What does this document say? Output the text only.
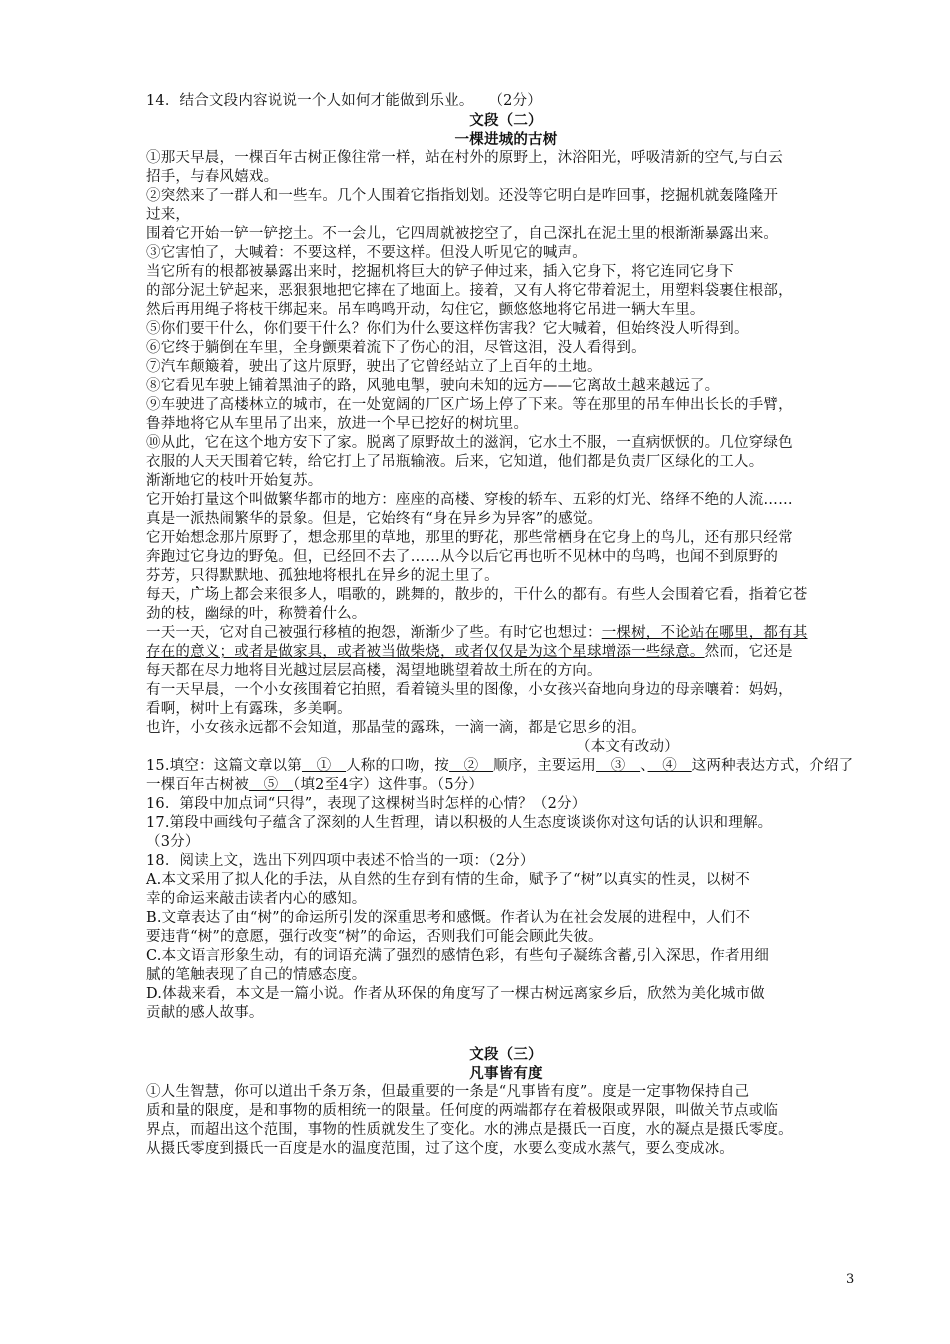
14．结合文段内容说说一个人如何才能做到乐业。　　（2分）
文段（二）
一棵进城的古树
①那天早晨，一棵百年古树正像往常一样，站在村外的原野上，沐浴阳光，呼吸清新的空气,与白云
招手，与春风嬉戏。
②突然来了一群人和一些车。几个人围着它指指划划。还没等它明白是咋回事，挖掘机就轰隆隆开
过来，
围着它开始一铲一铲挖土。不一会儿，它四周就被挖空了，自己深扎在泥土里的根渐渐暴露出来。
③它害怕了，大喊着：不要这样，不要这样。但没人听见它的喊声。
当它所有的根都被暴露出来时，挖掘机将巨大的铲子伸过来，插入它身下，将它连同它身下
的部分泥土铲起来，恶狠狠地把它摔在了地面上。接着，又有人将它带着泥土，用塑料袋裹住根部，
然后再用绳子将枝干绑起来。吊车鸣鸣开动，勾住它，颤悠悠地将它吊进一辆大车里。
⑤你们要干什么，你们要干什么？你们为什么要这样伤害我？它大喊着，但始终没人听得到。
⑥它终于躺倒在车里，全身颤栗着流下了伤心的泪，尽管这泪，没人看得到。
⑦汽车颠簸着，驶出了这片原野，驶出了它曾经站立了上百年的土地。
⑧它看见车驶上铺着黑油子的路，风驰电掣，驶向未知的远方——它离故土越来越远了。
⑨车驶进了高楼林立的城市，在一处宽阔的厂区广场上停了下来。等在那里的吊车伸出长长的手臂，
鲁莽地将它从车里吊了出来，放进一个早已挖好的树坑里。
⑩从此，它在这个地方安下了家。脱离了原野故土的滋润，它水土不服，一直病恹恹的。几位穿绿色
衣服的人天天围着它转，给它打上了吊瓶输液。后来，它知道，他们都是负责厂区绿化的工人。
渐渐地它的枝叶开始复苏。
它开始打量这个叫做繁华都市的地方：座座的高楼、穿梭的轿车、五彩的灯光、络绎不绝的人流……
真是一派热闹繁华的景象。但是，它始终有“身在异乡为异客”的感觉。
它开始想念那片原野了，想念那里的草地，那里的野花，那些常栖身在它身上的鸟儿，还有那只经常
奔跑过它身边的野兔。但，已经回不去了……从今以后它再也听不见林中的鸟鸣，也闻不到原野的
芬芳，只得默默地、孤独地将根扎在异乡的泥土里了。
每天，广场上都会来很多人，唱歌的，跳舞的，散步的，干什么的都有。有些人会围着它看，指着它苍
劲的枝，幽绿的叶，称赞着什么。
一天一天，它对自己被强行移植的抱怨，渐渐少了些。有时它也想过：一棵树，不论站在哪里，都有其
存在的意义；或者是做家具，或者被当做柴烧，或者仅仅是为这个星球增添一些绿意。然而，它还是
每天都在尽力地将目光越过层层高楼，渴望地眺望着故土所在的方向。
有一天早晨，一个小女孩围着它拍照，看着镜头里的图像，小女孩兴奋地向身边的母亲嚷着：妈妈，
看啊，树叶上有露珠，多美啊。
也许，小女孩永远都不会知道，那晶莹的露珠，一滴一滴，都是它思乡的泪。
（本文有改动）
15.填空：这篇文章以第　①　人称的口吻，按　②　顺序，主要运用　③　、　④　这两种表达方式，介绍了
一棵百年古树被　⑤　（填2至4字）这件事。（5分）
16．第段中加点词“只得”，表现了这棵树当时怎样的心情？（2分）
17.第段中画线句子蕴含了深刻的人生哲理，请以积极的人生态度谈谈你对这句话的认识和理解。
（3分）
18．阅读上文，选出下列四项中表述不恰当的一项：（2分）
A.本文采用了拟人化的手法，从自然的生存到有情的生命，赋予了“树”以真实的性灵，以树不
幸的命运来敲击读者内心的感知。
B.文章表达了由“树”的命运所引发的深重思考和感慨。作者认为在社会发展的进程中，人们不
要违背“树”的意愿，强行改变“树”的命运，否则我们可能会顾此失彼。
C.本文语言形象生动，有的词语充满了强烈的感情色彩，有些句子凝练含蓄,引入深思，作者用细
腻的笔触表现了自己的情感态度。
D.体裁来看，本文是一篇小说。作者从环保的角度写了一棵古树远离家乡后，欣然为美化城市做
贡献的感人故事。
文段（三）
凡事皆有度
①人生智慧，你可以道出千条万条，但最重要的一条是“凡事皆有度”。度是一定事物保持自己
质和量的限度，是和事物的质相统一的限量。任何度的两端都存在着极限或界限，叫做关节点或临
界点，而超出这个范围，事物的性质就发生了变化。水的沸点是摄氏一百度，水的凝点是摄氏零度。
从摄氏零度到摄氏一百度是水的温度范围，过了这个度，水要么变成水蒸气，要么变成冰。
3
